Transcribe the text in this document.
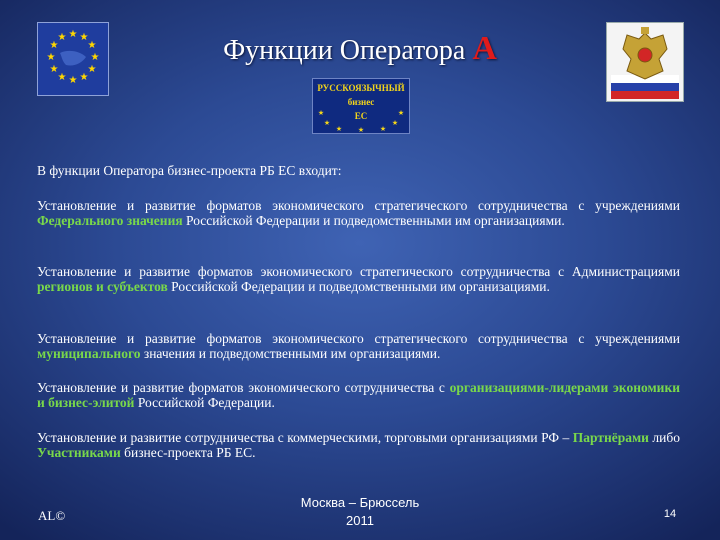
★ ★
★
★
★
★
★
★
★
★
★
★	Функции Оператора A
РУССКОЯЗЫЧНЫЙ
бизнес
ЕС
★
★
★ ★ ★
★
★
В функции Оператора бизнес-проекта РБ ЕС входит:
Установление и развитие форматов экономического стратегического сотрудничества с учреждениями Федерального значения Российской Федерации и подведомственными им организациями.
Установление и развитие форматов экономического стратегического сотрудничества с Администрациями регионов и субъектов Российской Федерации и подведомственными им организациями.
Установление и развитие форматов экономического стратегического сотрудничества с учреждениями муниципального значения и подведомственными им организациями.
Установление и развитие форматов экономического сотрудничества с организациями-лидерами экономики и бизнес-элитой Российской Федерации.
Установление и развитие сотрудничества с коммерческими, торговыми организациями РФ – Партнёрами либо Участниками бизнес-проекта РБ ЕС.
AL©
Москва – Брюссель
2011	14
